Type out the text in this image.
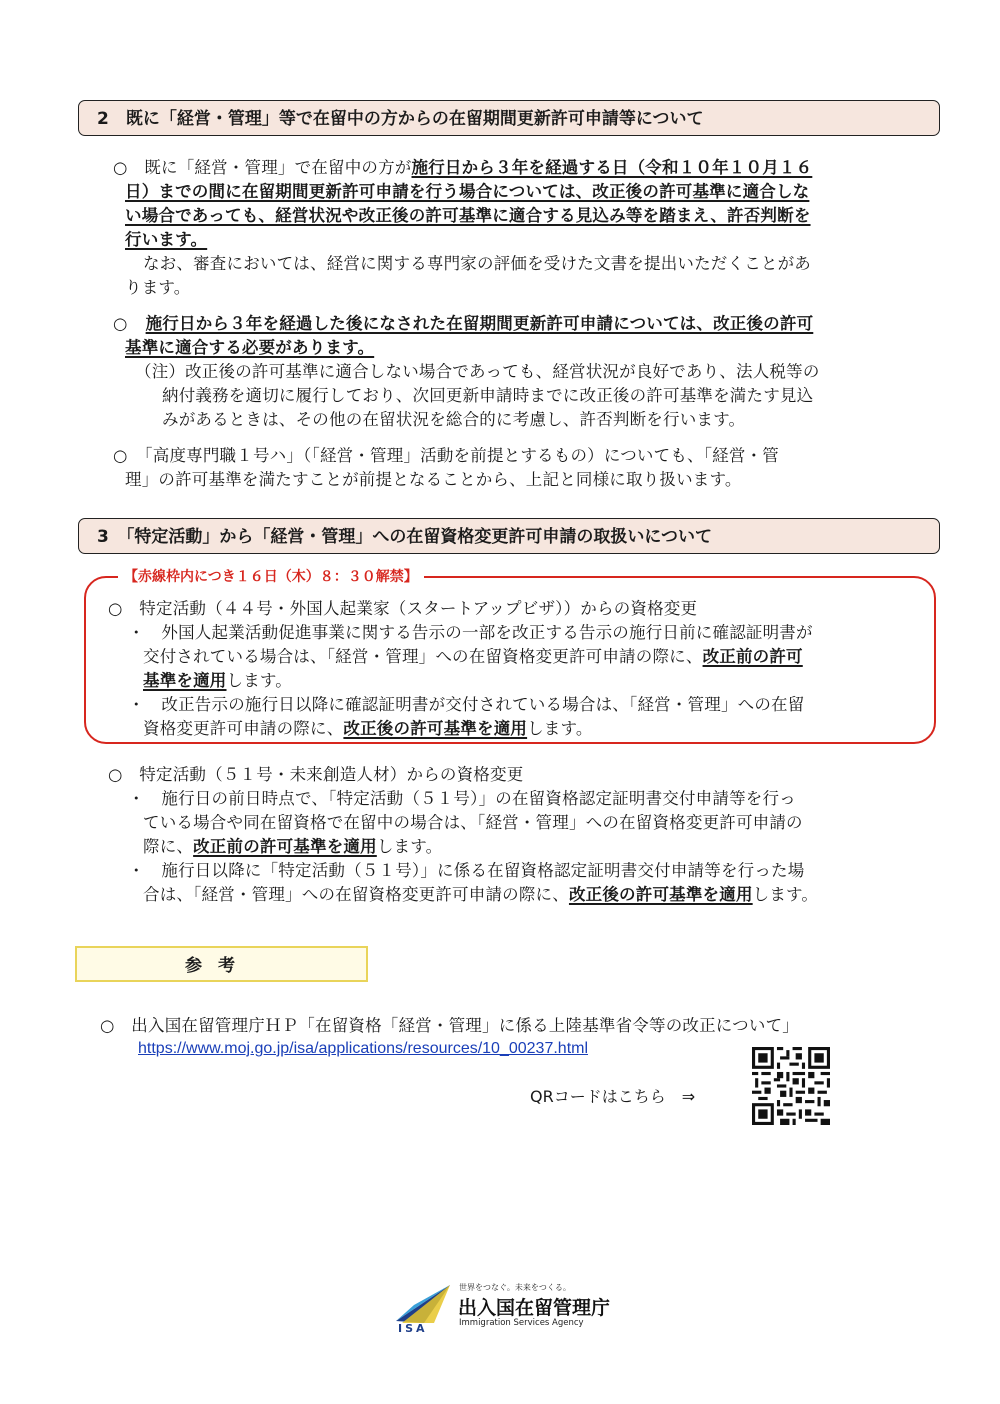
2　既に「経営・管理」等で在留中の方からの在留期間更新許可申請等について
○　既に「経営・管理」で在留中の方が施行日から３年を経過する日（令和１０年１０月１６
日）までの間に在留期間更新許可申請を行う場合については、改正後の許可基準に適合しな
い場合であっても、経営状況や改正後の許可基準に適合する見込み等を踏まえ、許否判断を
行います。
なお、審査においては、経営に関する専門家の評価を受けた文書を提出いただくことがあ
ります。
○ 施行日から３年を経過した後になされた在留期間更新許可申請については、改正後の許可
基準に適合する必要があります。
（注）改正後の許可基準に適合しない場合であっても、経営状況が良好であり、法人税等の
納付義務を適切に履行しており、次回更新申請時までに改正後の許可基準を満たす見込
みがあるときは、その他の在留状況を総合的に考慮し、許否判断を行います。
○　「高度専門職１号ハ」（「経営・管理」活動を前提とするもの）についても、「経営・管
理」の許可基準を満たすことが前提となることから、上記と同様に取り扱います。
3　「特定活動」から「経営・管理」への在留資格変更許可申請の取扱いについて
【赤線枠内につき１６日（木）８：３０解禁】
○　特定活動（４４号・外国人起業家（スタートアップビザ））からの資格変更
・　外国人起業活動促進事業に関する告示の一部を改正する告示の施行日前に確認証明書が
交付されている場合は、「経営・管理」への在留資格変更許可申請の際に、改正前の許可
基準を適用します。
・　改正告示の施行日以降に確認証明書が交付されている場合は、「経営・管理」への在留
資格変更許可申請の際に、改正後の許可基準を適用します。
○　特定活動（５１号・未来創造人材）からの資格変更
・　施行日の前日時点で、「特定活動（５１号）」の在留資格認定証明書交付申請等を行っ
ている場合や同在留資格で在留中の場合は、「経営・管理」への在留資格変更許可申請の
際に、改正前の許可基準を適用します。
・　施行日以降に「特定活動（５１号）」に係る在留資格認定証明書交付申請等を行った場
合は、「経営・管理」への在留資格変更許可申請の際に、改正後の許可基準を適用します。
参考
○　出入国在留管理庁ＨＰ「在留資格「経営・管理」に係る上陸基準省令等の改正について」
https://www.moj.go.jp/isa/applications/resources/10_00237.html
QRコードはこちら　⇒
ISA
世界をつなぐ。未来をつくる。
出入国在留管理庁
Immigration Services Agency
